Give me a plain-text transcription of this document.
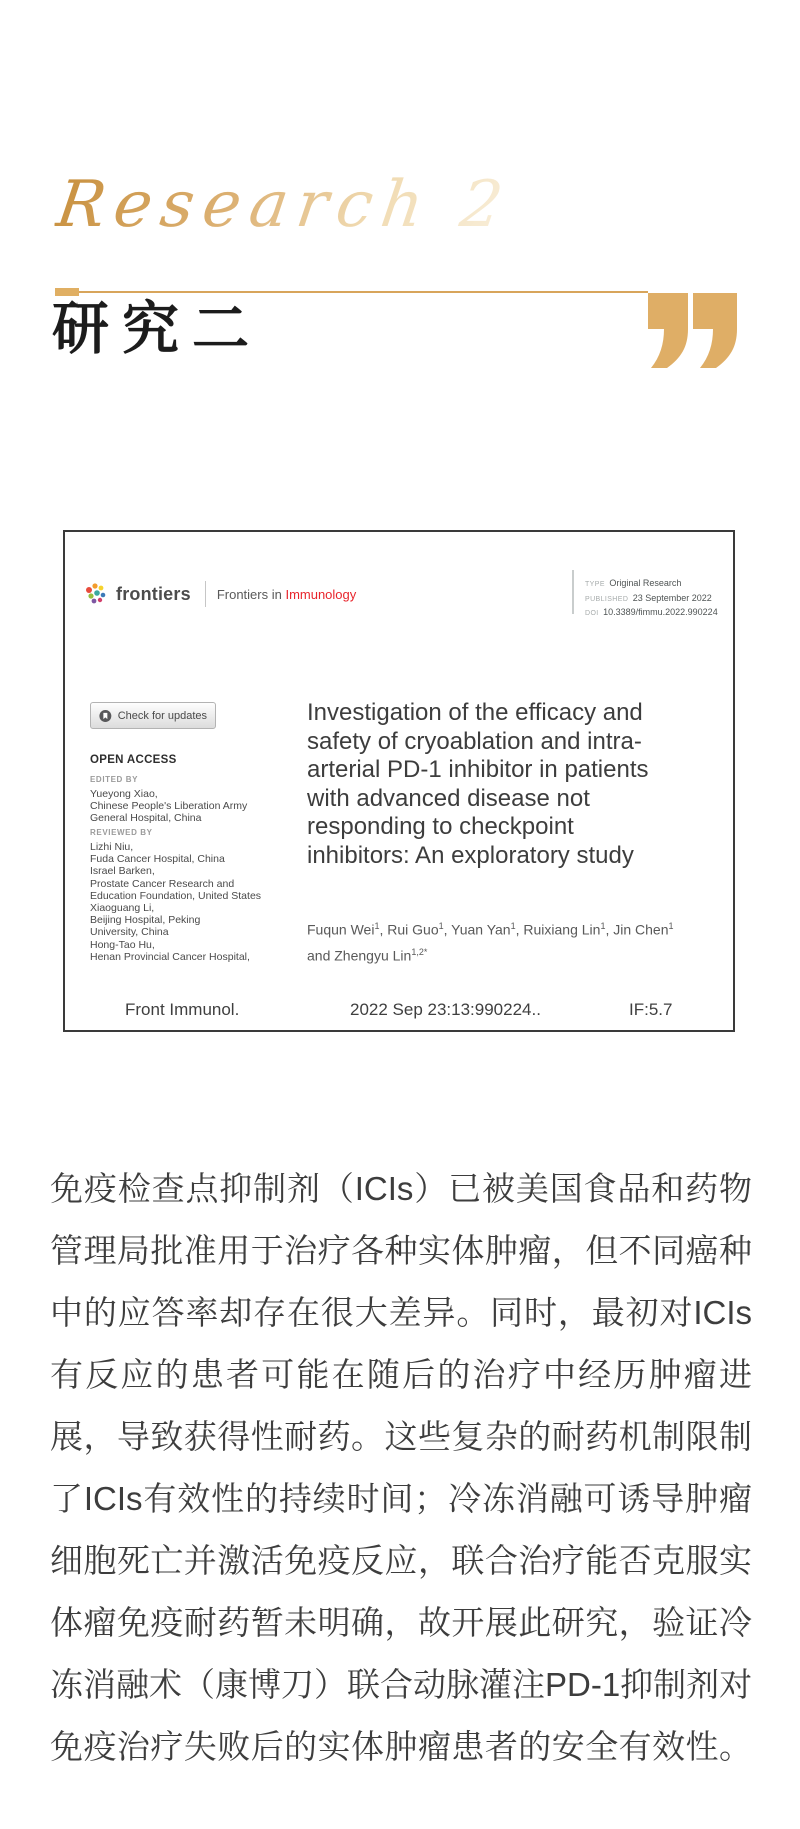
Research 2
研究二
frontiers Frontiers in Immunology
TYPE Original Research
PUBLISHED 23 September 2022
DOI 10.3389/fimmu.2022.990224
Check for updates
OPEN ACCESS
EDITED BY
Yueyong Xiao,
Chinese People's Liberation Army
General Hospital, China
REVIEWED BY
Lizhi Niu,
Fuda Cancer Hospital, China
Israel Barken,
Prostate Cancer Research and
Education Foundation, United States
Xiaoguang Li,
Beijing Hospital, Peking
University, China
Hong-Tao Hu,
Henan Provincial Cancer Hospital,
Investigation of the efficacy and
safety of cryoablation and intra-
arterial PD-1 inhibitor in patients
with advanced disease not
responding to checkpoint
inhibitors: An exploratory study
Fuqun Wei$^1$, Rui Guo$^1$, Yuan Yan$^1$, Ruixiang Lin$^1$, Jin Chen$^1$
and Zhengyu Lin$^{1,2*}$
Front Immunol.	2022 Sep 23:13:990224..	IF:5.7
免疫检查点抑制剂（ICIs）已被美国食品和药物
管理局批准用于治疗各种实体肿瘤，但不同癌种
中的应答率却存在很大差异。同时，最初对ICIs
有反应的患者可能在随后的治疗中经历肿瘤进
展，导致获得性耐药。这些复杂的耐药机制限制
了ICIs有效性的持续时间；冷冻消融可诱导肿瘤
细胞死亡并激活免疫反应，联合治疗能否克服实
体瘤免疫耐药暂未明确，故开展此研究，验证冷
冻消融术（康博刀）联合动脉灌注PD-1抑制剂对
免疫治疗失败后的实体肿瘤患者的安全有效性。
